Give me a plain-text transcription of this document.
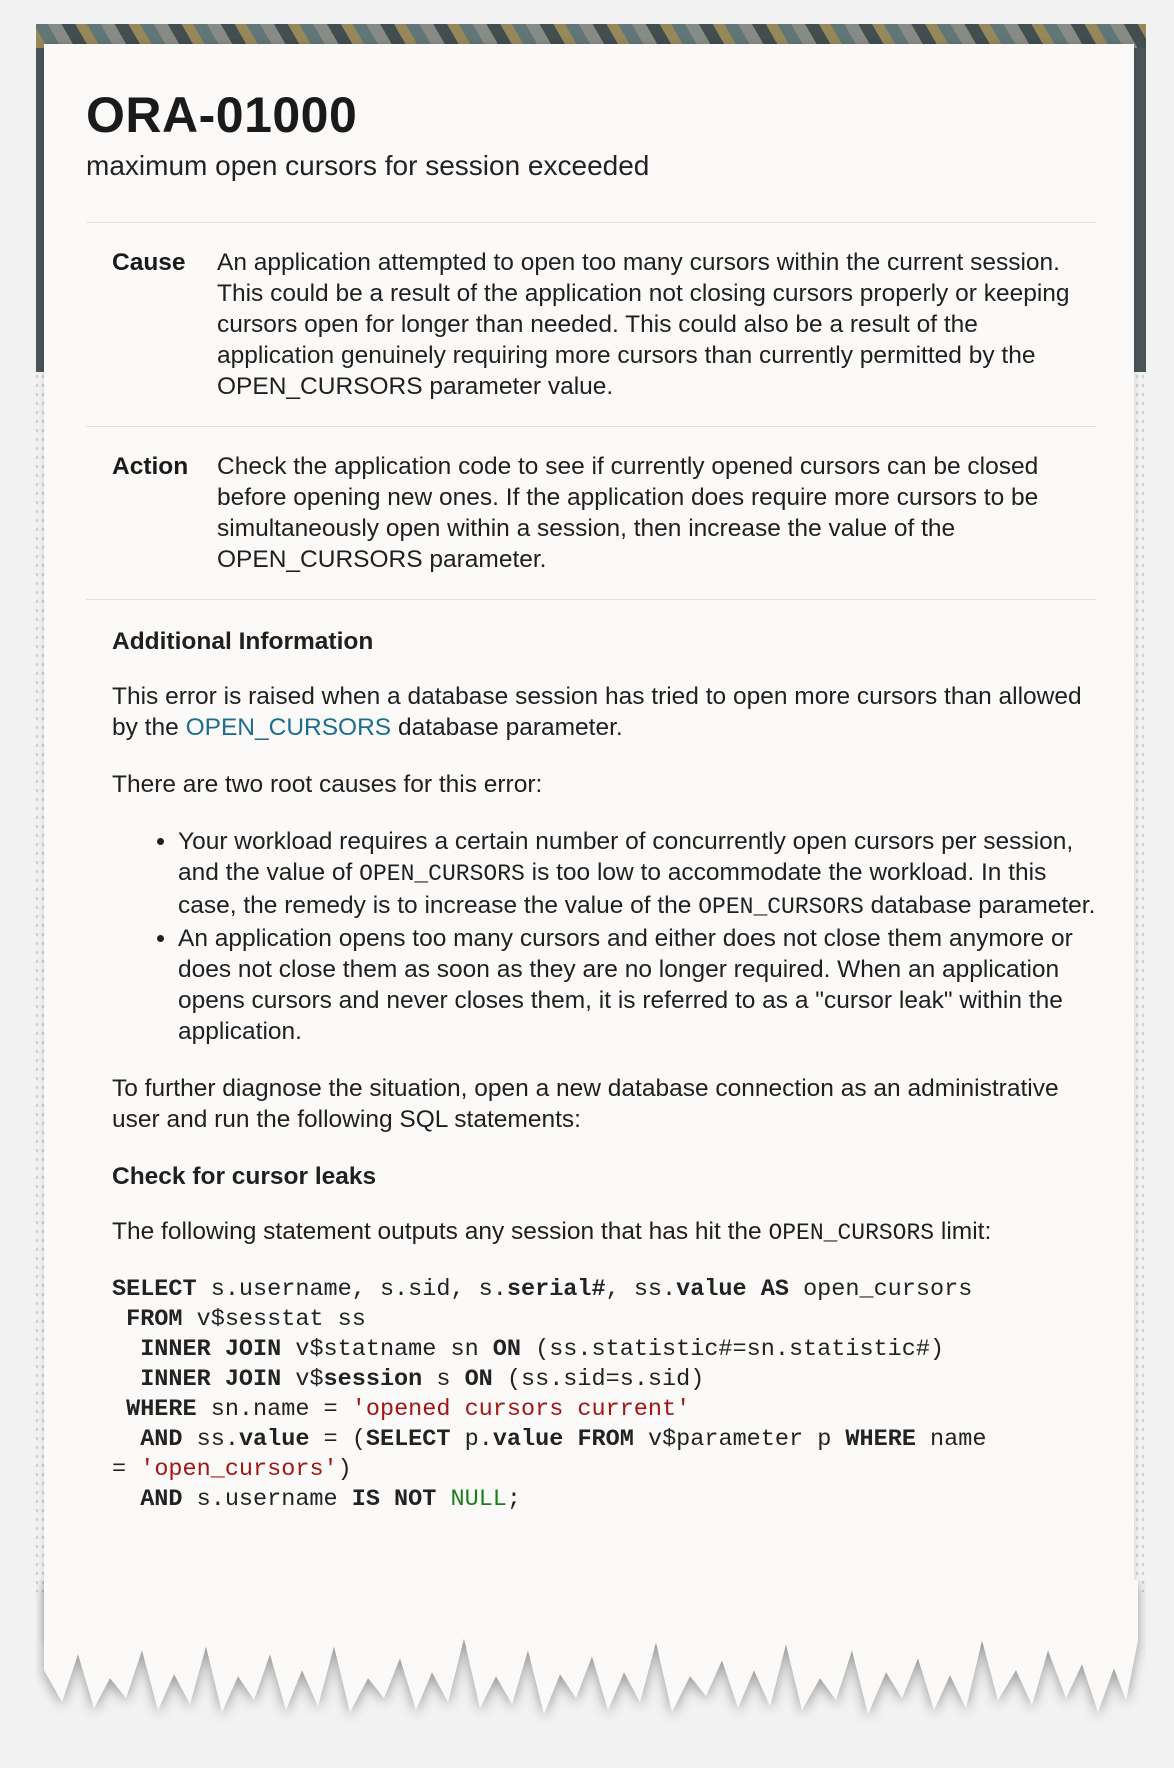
ORA-01000
maximum open cursors for session exceeded
Cause	An application attempted to open too many cursors within the current session. This could be a result of the application not closing cursors properly or keeping cursors open for longer than needed. This could also be a result of the application genuinely requiring more cursors than currently permitted by the OPEN_CURSORS parameter value.
Action	Check the application code to see if currently opened cursors can be closed before opening new ones. If the application does require more cursors to be simultaneously open within a session, then increase the value of the OPEN_CURSORS parameter.
Additional Information

This error is raised when a database session has tried to open more cursors than allowed by the OPEN_CURSORS database parameter.

There are two root causes for this error:

• Your workload requires a certain number of concurrently open cursors per session, and the value of OPEN_CURSORS is too low to accommodate the workload. In this case, the remedy is to increase the value of the OPEN_CURSORS database parameter.
• An application opens too many cursors and either does not close them anymore or does not close them as soon as they are no longer required. When an application opens cursors and never closes them, it is referred to as a "cursor leak" within the application.

To further diagnose the situation, open a new database connection as an administrative user and run the following SQL statements:

Check for cursor leaks

The following statement outputs any session that has hit the OPEN_CURSORS limit:

SELECT s.username, s.sid, s.serial#, ss.value AS open_cursors
FROM v$sesstat ss
INNER JOIN v$statname sn ON (ss.statistic#=sn.statistic#)
INNER JOIN v$session s ON (ss.sid=s.sid)
WHERE sn.name = 'opened cursors current'
AND ss.value = (SELECT p.value FROM v$parameter p WHERE name
= 'open_cursors')
AND s.username IS NOT NULL;
